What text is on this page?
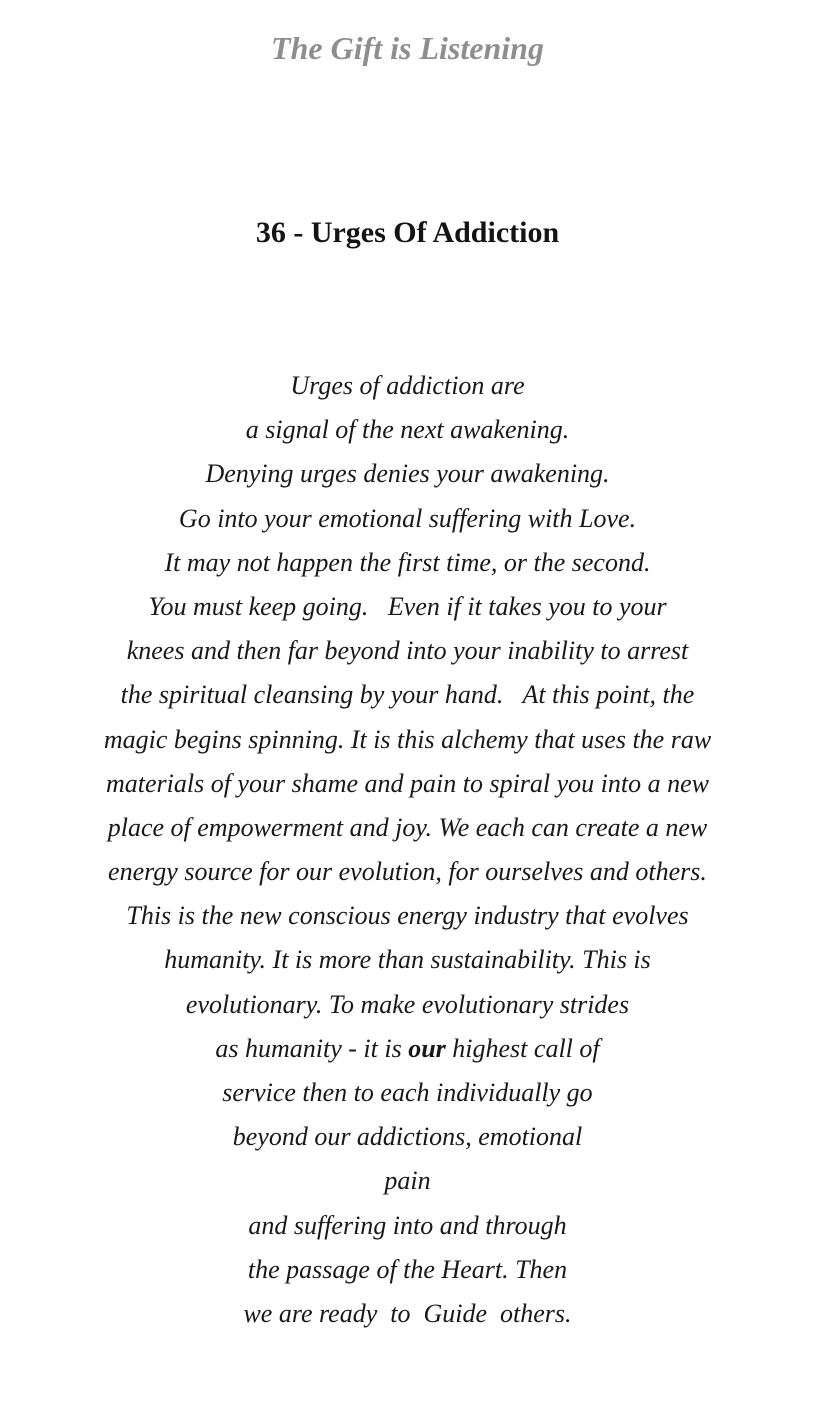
The Gift is Listening
36 - Urges Of Addiction
Urges of addiction are
a signal of the next awakening.
Denying urges denies your awakening.
Go into your emotional suffering with Love.
It may not happen the first time, or the second.
You must keep going.   Even if it takes you to your
knees and then far beyond into your inability to arrest
the spiritual cleansing by your hand.   At this point, the
magic begins spinning. It is this alchemy that uses the raw
materials of your shame and pain to spiral you into a new
place of empowerment and joy. We each can create a new
energy source for our evolution, for ourselves and others.
This is the new conscious energy industry that evolves
humanity. It is more than sustainability. This is
evolutionary. To make evolutionary strides
as humanity - it is our highest call of
service then to each individually go
beyond our addictions, emotional
pain
and suffering into and through
the passage of the Heart. Then
we are ready  to  Guide  others.
